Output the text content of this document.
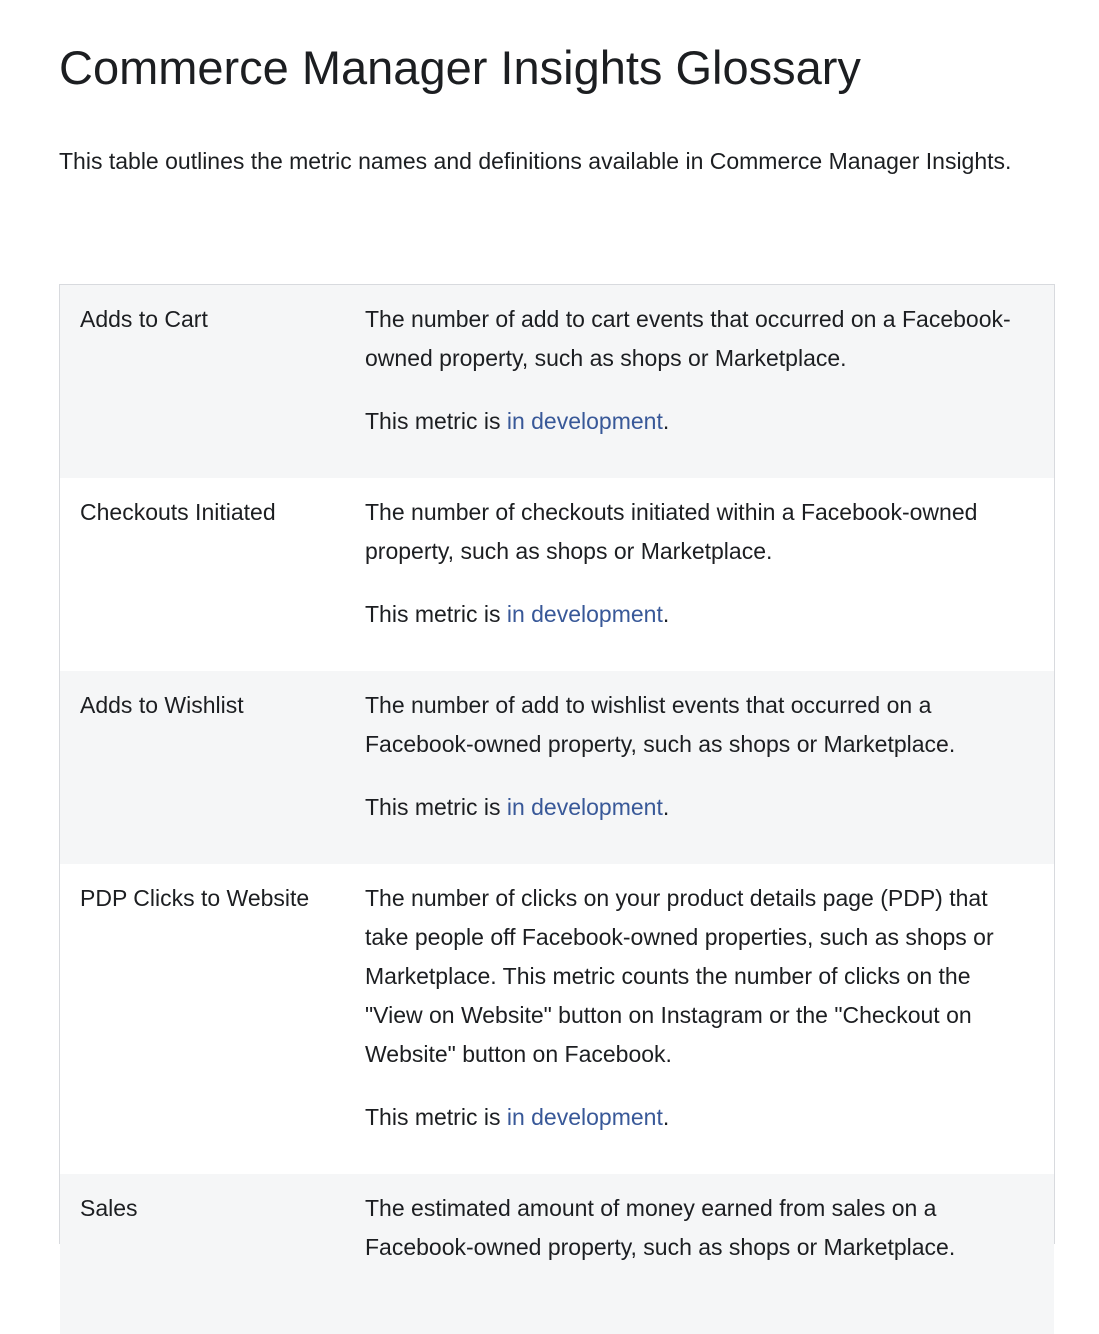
Commerce Manager Insights Glossary

This table outlines the metric names and definitions available in Commerce Manager Insights.

Adds to Cart	The number of add to cart events that occurred on a Facebook-owned property, such as shops or Marketplace.

This metric is in development.

Checkouts Initiated	The number of checkouts initiated within a Facebook-owned property, such as shops or Marketplace.

This metric is in development.

Adds to Wishlist	The number of add to wishlist events that occurred on a Facebook-owned property, such as shops or Marketplace.

This metric is in development.

PDP Clicks to Website	The number of clicks on your product details page (PDP) that take people off Facebook-owned properties, such as shops or Marketplace. This metric counts the number of clicks on the "View on Website" button on Instagram or the "Checkout on Website" button on Facebook.

This metric is in development.

Sales	The estimated amount of money earned from sales on a Facebook-owned property, such as shops or Marketplace.
